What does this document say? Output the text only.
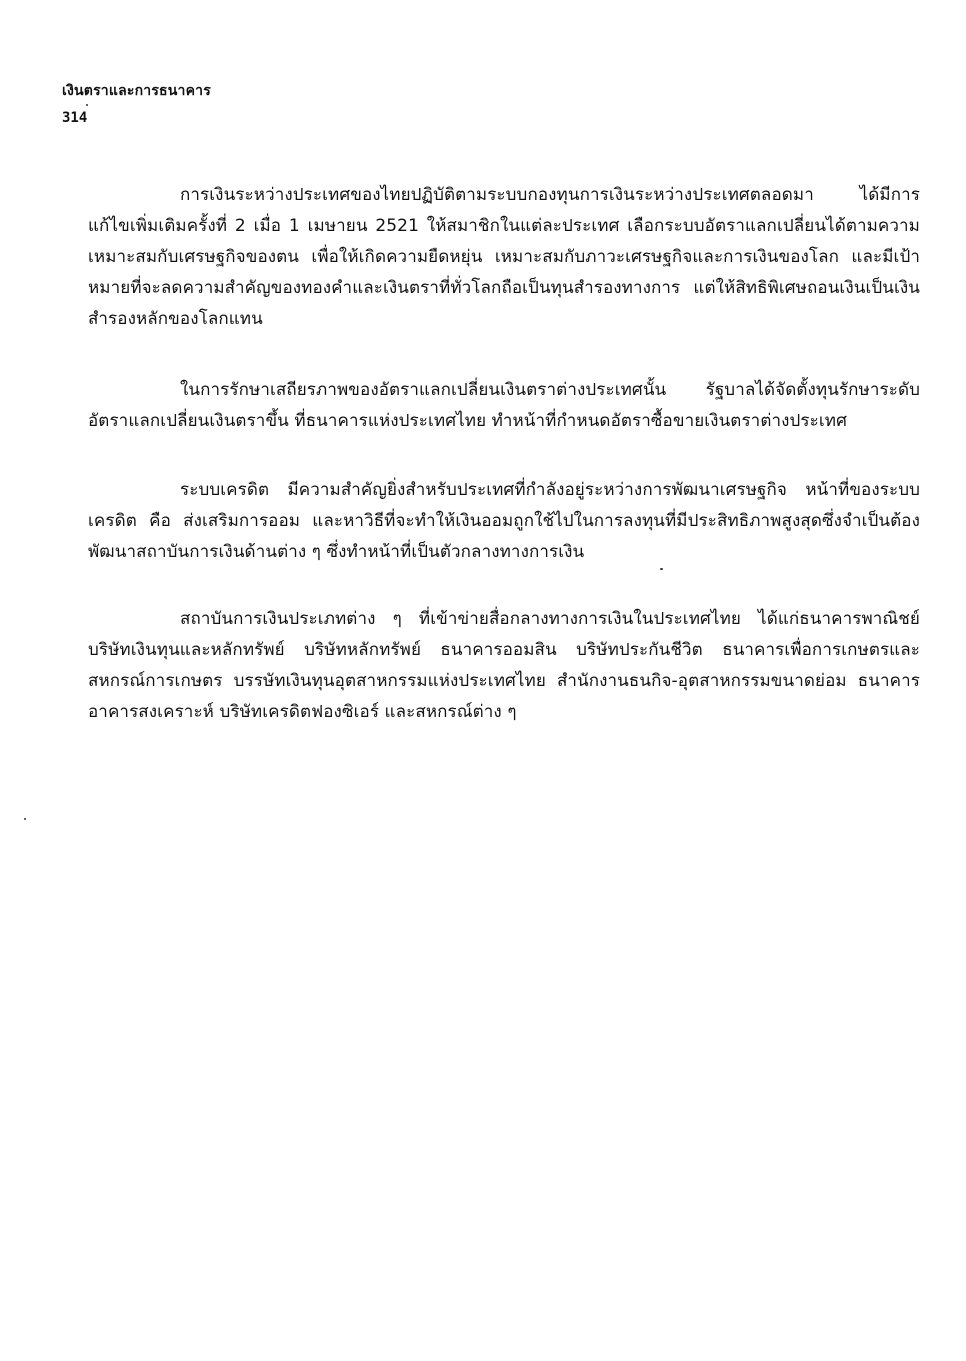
เงินตราและการธนาคาร
314

การเงินระหว่างประเทศของไทยปฏิบัติตามระบบกองทุนการเงินระหว่างประเทศตลอดมา ได้มีการแก้ไขเพิ่มเติมครั้งที่ 2 เมื่อ 1 เมษายน 2521 ให้สมาชิกในแต่ละประเทศ เลือกระบบอัตราแลกเปลี่ยนได้ตามความเหมาะสมกับเศรษฐกิจของตน เพื่อให้เกิดความยืดหยุ่น เหมาะสมกับภาวะเศรษฐกิจและการเงินของโลก และมีเป้าหมายที่จะลดความสำคัญของทองคำและเงินตราที่ทั่วโลกถือเป็นทุนสำรองทางการ แต่ให้สิทธิพิเศษถอนเงินเป็นเงินสำรองหลักของโลกแทน

ในการรักษาเสถียรภาพของอัตราแลกเปลี่ยนเงินตราต่างประเทศนั้น รัฐบาลได้จัดตั้งทุนรักษาระดับอัตราแลกเปลี่ยนเงินตราขึ้น ที่ธนาคารแห่งประเทศไทย ทำหน้าที่กำหนดอัตราซื้อขายเงินตราต่างประเทศ

ระบบเครดิต มีความสำคัญยิ่งสำหรับประเทศที่กำลังอยู่ระหว่างการพัฒนาเศรษฐกิจ หน้าที่ของระบบเครดิต คือ ส่งเสริมการออม และหาวิธีที่จะทำให้เงินออมถูกใช้ไปในการลงทุนที่มีประสิทธิภาพสูงสุดซึ่งจำเป็นต้องพัฒนาสถาบันการเงินด้านต่าง ๆ ซึ่งทำหน้าที่เป็นตัวกลางทางการเงิน

สถาบันการเงินประเภทต่าง ๆ ที่เข้าข่ายสื่อกลางทางการเงินในประเทศไทย ได้แก่ธนาคารพาณิชย์ บริษัทเงินทุนและหลักทรัพย์ บริษัทหลักทรัพย์ ธนาคารออมสิน บริษัทประกันชีวิต ธนาคารเพื่อการเกษตรและสหกรณ์การเกษตร บรรษัทเงินทุนอุตสาหกรรมแห่งประเทศไทย สำนักงานธนกิจ-อุตสาหกรรมขนาดย่อม ธนาคารอาคารสงเคราะห์ บริษัทเครดิตฟองซิเอร์ และสหกรณ์ต่าง ๆ
